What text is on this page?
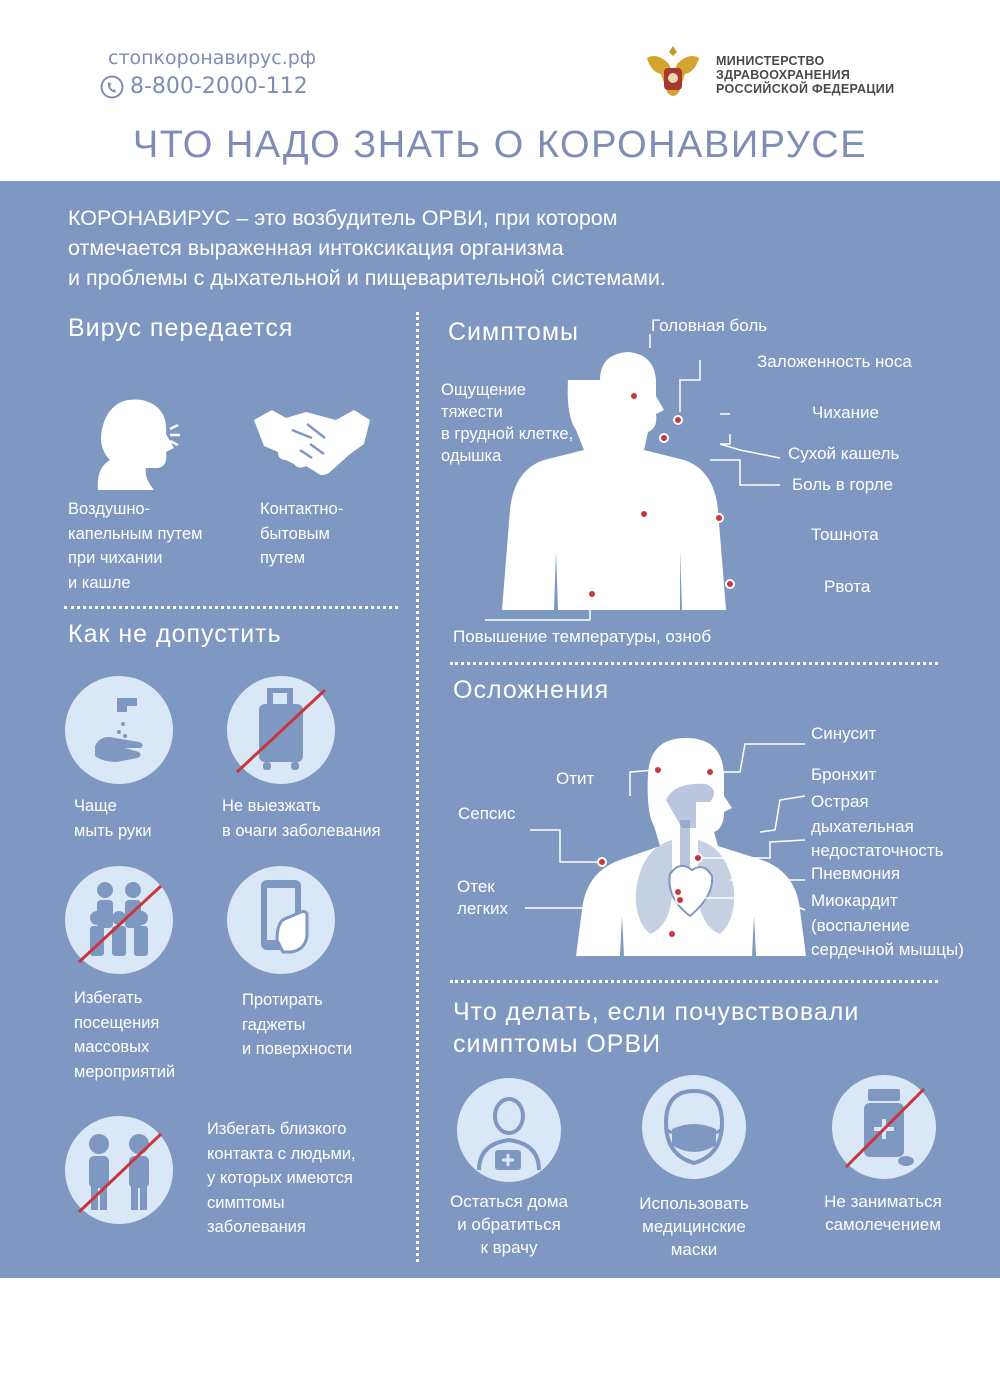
стопкоронавирус.рф
8-800-2000-112
МИНИСТЕРСТВО
ЗДРАВООХРАНЕНИЯ
РОССИЙСКОЙ ФЕДЕРАЦИИ
ЧТО НАДО ЗНАТЬ О КОРОНАВИРУСЕ
КОРОНАВИРУС – это возбудитель ОРВИ, при котором
отмечается выраженная интоксикация организма
и проблемы с дыхательной и пищеварительной системами.
Вирус передается
Воздушно-
капельным путем
при чихании
и кашле
Контактно-
бытовым
путем
Как не допустить
Чаще
мыть руки
Не выезжать
в очаги заболевания
Избегать
посещения
массовых
мероприятий
Протирать
гаджеты
и поверхности
Избегать близкого
контакта с людьми,
у которых имеются
симптомы
заболевания
Симптомы	Головная боль
Заложенность носа
Ощущение
тяжести
в грудной клетке,
одышка
Чихание
Сухой кашель
Боль в горле
Тошнота
Рвота
Повышение температуры, озноб
Осложнения
Синусит
Отит	Бронхит
Сепсис
Острая
дыхательная
недостаточность
Пневмония
Отек
легких	Миокардит
(воспаление
сердечной мышцы)
Что делать, если почувствовали
симптомы ОРВИ
Остаться дома
и обратиться
к врачу
Использовать
медицинские
маски
Не заниматься
самолечением
